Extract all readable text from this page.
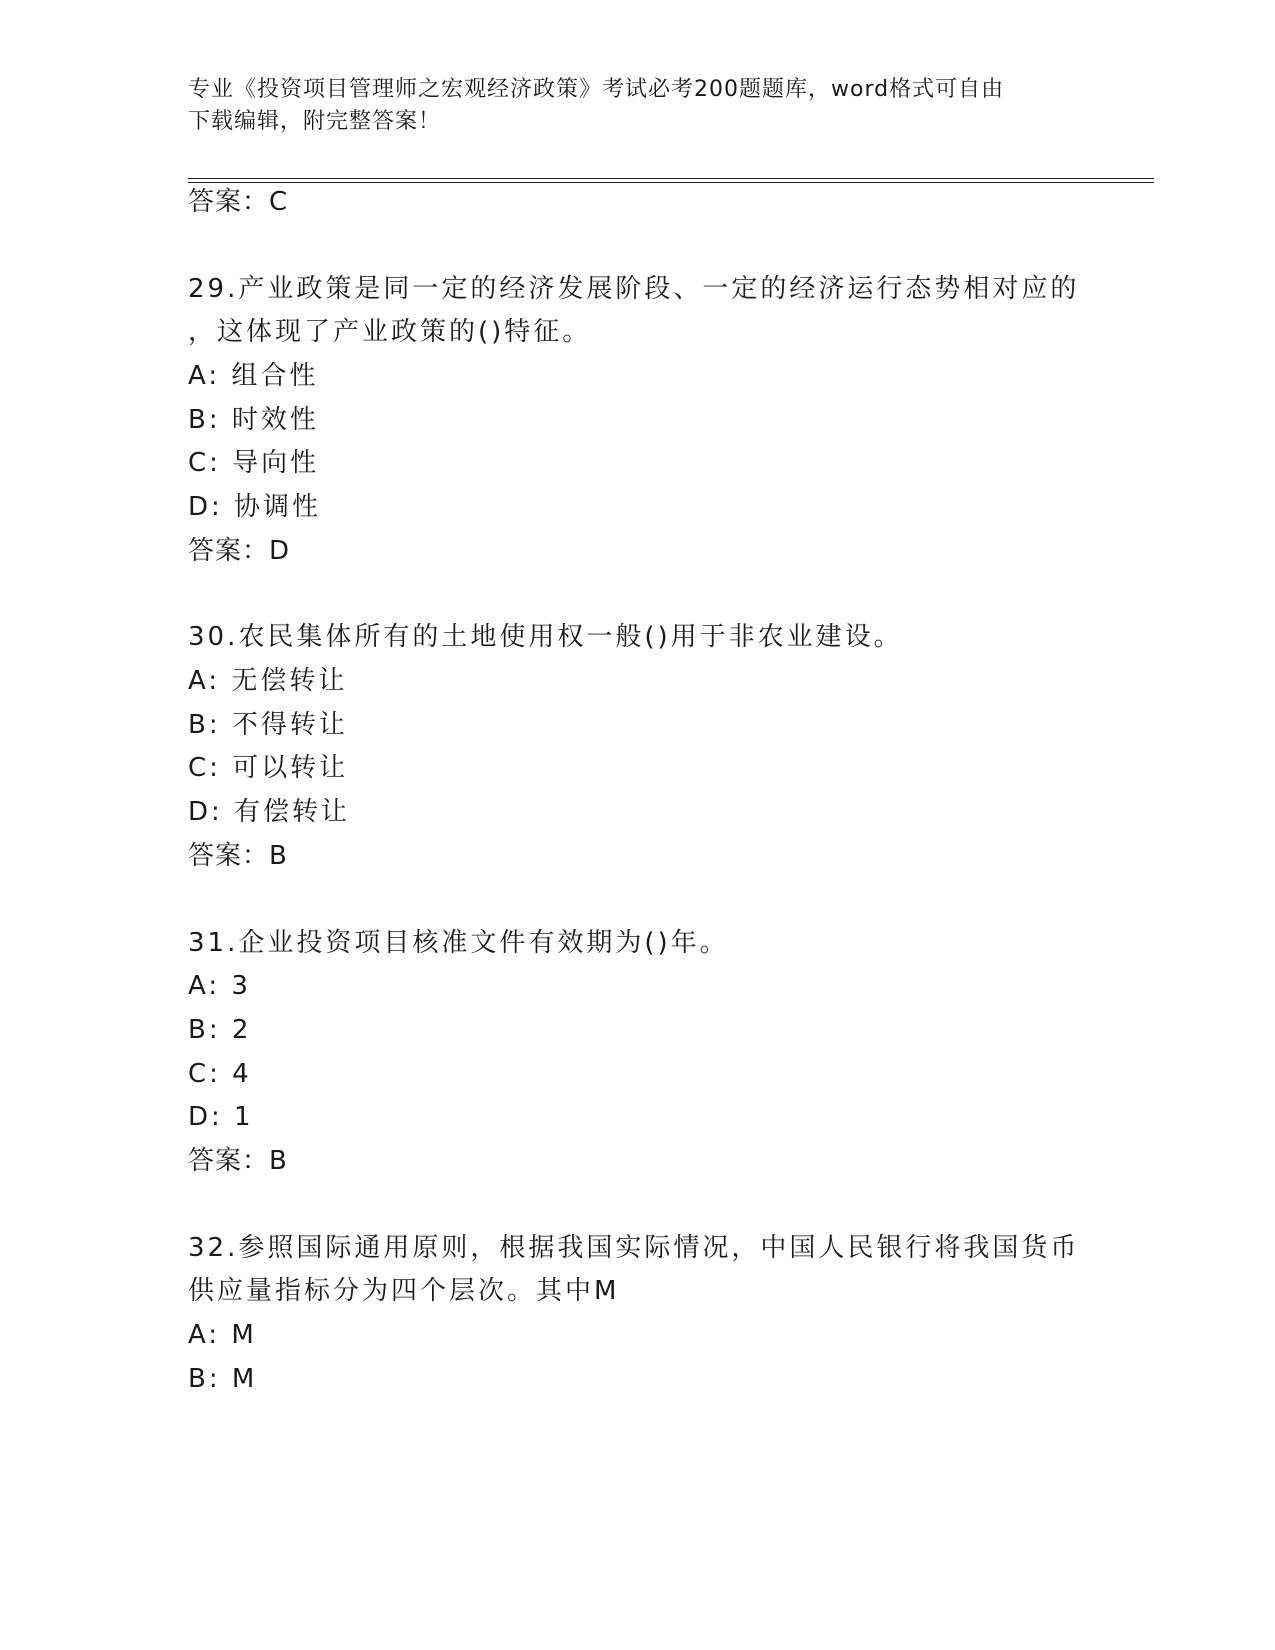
专业《投资项目管理师之宏观经济政策》考试必考200题题库，word格式可自由
下载编辑，附完整答案！
答案：C
29.产业政策是同一定的经济发展阶段、一定的经济运行态势相对应的
，这体现了产业政策的()特征。
A: 组合性
B: 时效性
C: 导向性
D: 协调性
答案：D
30.农民集体所有的土地使用权一般()用于非农业建设。
A: 无偿转让
B: 不得转让
C: 可以转让
D: 有偿转让
答案：B
31.企业投资项目核准文件有效期为()年。
A: 3
B: 2
C: 4
D: 1
答案：B
32.参照国际通用原则，根据我国实际情况，中国人民银行将我国货币
供应量指标分为四个层次。其中M
A: M
B: M
